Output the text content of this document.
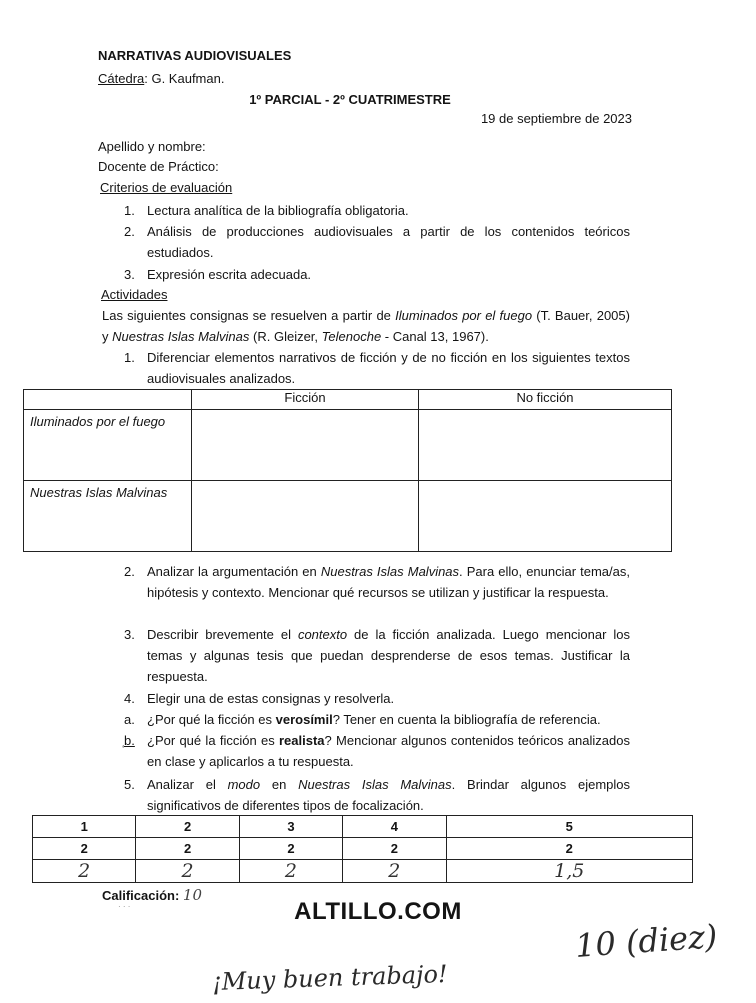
NARRATIVAS AUDIOVISUALES
Cátedra: G. Kaufman.
1º PARCIAL - 2º CUATRIMESTRE
19 de septiembre de 2023
Apellido y nombre:
Docente de Práctico:
Criterios de evaluación
1. Lectura analítica de la bibliografía obligatoria.
2. Análisis de producciones audiovisuales a partir de los contenidos teóricos estudiados.
3. Expresión escrita adecuada.
Actividades
Las siguientes consignas se resuelven a partir de Iluminados por el fuego (T. Bauer, 2005) y Nuestras Islas Malvinas (R. Gleizer, Telenoche - Canal 13, 1967).
1. Diferenciar elementos narrativos de ficción y de no ficción en los siguientes textos audiovisuales analizados.
	Ficción	No ficción
Iluminados por el fuego		
Nuestras Islas Malvinas		
2. Analizar la argumentación en Nuestras Islas Malvinas. Para ello, enunciar tema/as, hipótesis y contexto. Mencionar qué recursos se utilizan y justificar la respuesta.
3. Describir brevemente el contexto de la ficción analizada. Luego mencionar los temas y algunas tesis que puedan desprenderse de esos temas. Justificar la respuesta.
4. Elegir una de estas consignas y resolverla.
a. ¿Por qué la ficción es verosímil? Tener en cuenta la bibliografía de referencia.
b. ¿Por qué la ficción es realista? Mencionar algunos contenidos teóricos analizados en clase y aplicarlos a tu respuesta.
ʻ
5. Analizar el modo en Nuestras Islas Malvinas. Brindar algunos ejemplos significativos de diferentes tipos de focalización.
1	2	3	4	5
2	2	2	2	2
2	2	2	2	1,5
Calificación: 10
· · ·	ALTILLO.COM
10 (diez)
¡Muy buen trabajo!
